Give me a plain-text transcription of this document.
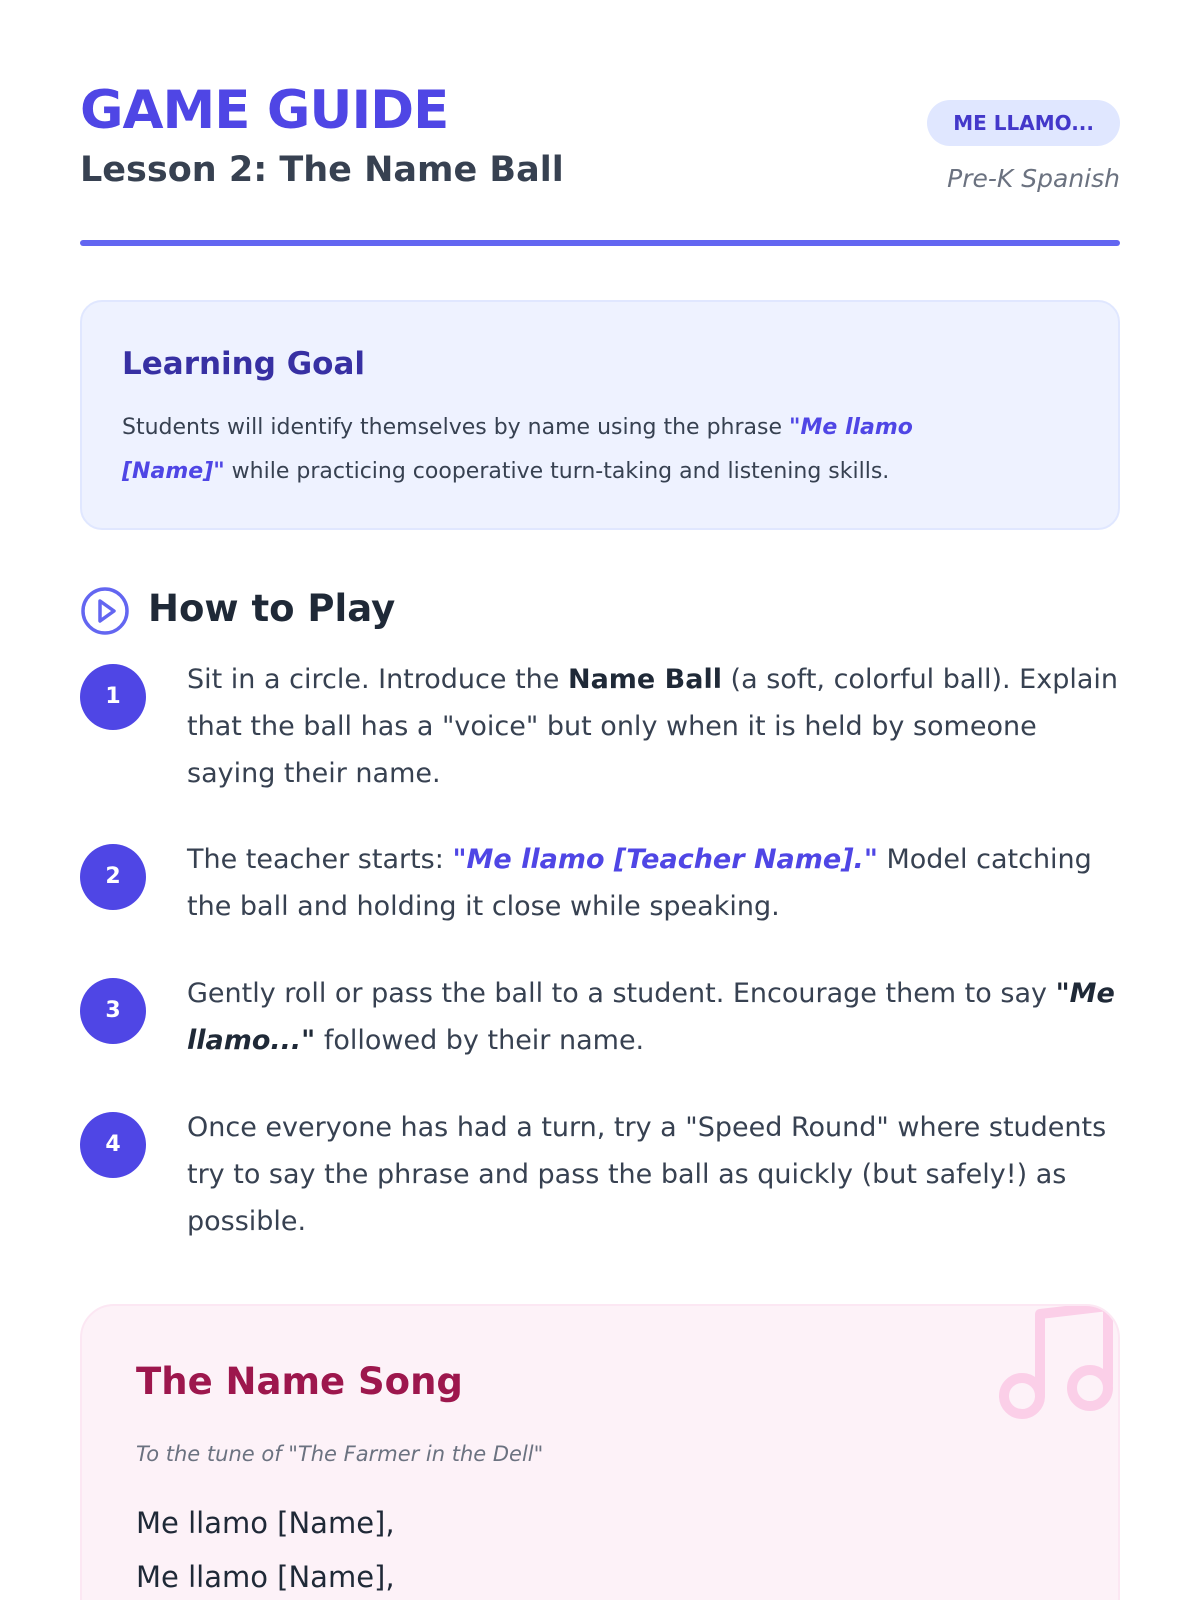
GAME GUIDE
Lesson 2: The Name Ball
ME LLAMO...
Pre-K Spanish
Learning Goal
Students will identify themselves by name using the phrase "Me llamo [Name]" while practicing cooperative turn-taking and listening skills.
How to Play
1
Sit in a circle. Introduce the Name Ball (a soft, colorful ball). Explain that the ball has a "voice" but only when it is held by someone saying their name.
2
The teacher starts: "Me llamo [Teacher Name]." Model catching the ball and holding it close while speaking.
3
Gently roll or pass the ball to a student. Encourage them to say "Me llamo..." followed by their name.
4
Once everyone has had a turn, try a "Speed Round" where students try to say the phrase and pass the ball as quickly (but safely!) as possible.
The Name Song
To the tune of "The Farmer in the Dell"
Me llamo [Name],
Me llamo [Name],
